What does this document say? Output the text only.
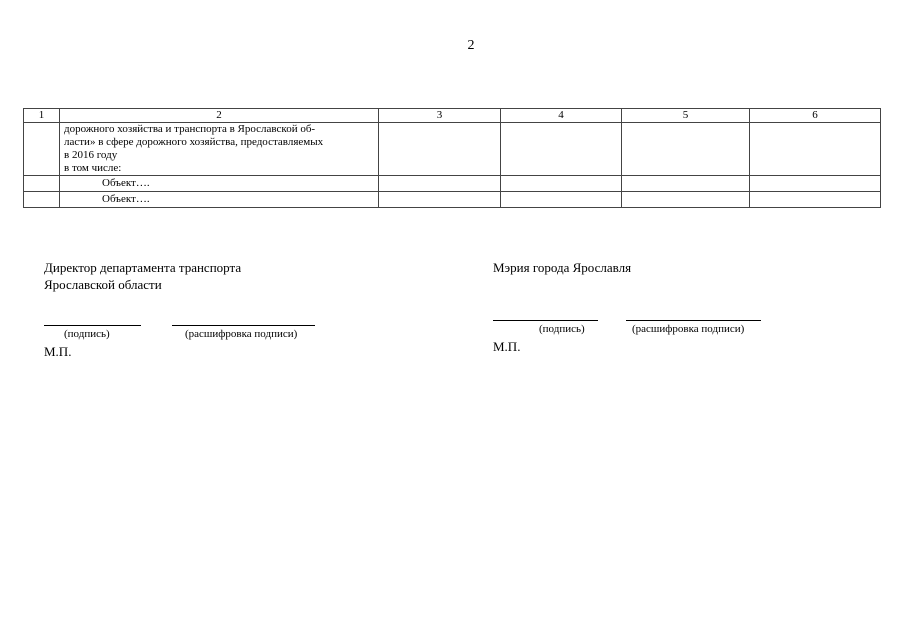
2
1	2	3	4	5	6

	дорожного хозяйства и транспорта в Ярославской об-
ласти» в сфере дорожного хозяйства, предоставляемых
в 2016 году
в том числе:				

	Объект….				
	Объект….				
Директор департамента транспорта
Ярославской области
(подпись)	(расшифровка подписи)
М.П.
Мэрия города Ярославля
(подпись)	(расшифровка подписи)
М.П.
